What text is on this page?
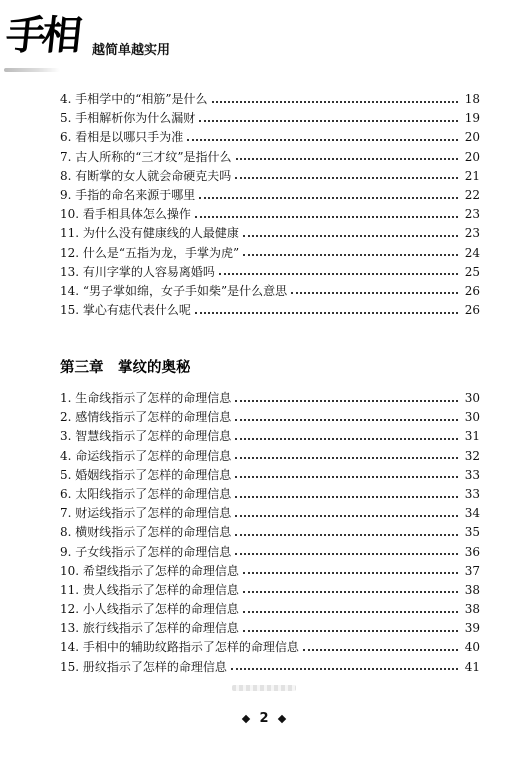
手相 越简单越实用
4. 手相学中的“相筋”是什么	18
5. 手相解析你为什么漏财	19
6. 看相是以哪只手为准	20
7. 古人所称的“三才纹”是指什么	20
8. 有断掌的女人就会命硬克夫吗	21
9. 手指的命名来源于哪里	22
10. 看手相具体怎么操作	23
11. 为什么没有健康线的人最健康	23
12. 什么是“五指为龙，手掌为虎”	24
13. 有川字掌的人容易离婚吗	25
14. “男子掌如绵，女子手如柴”是什么意思	26
15. 掌心有痣代表什么呢	26
第三章　掌纹的奥秘
1. 生命线指示了怎样的命理信息	30
2. 感情线指示了怎样的命理信息	30
3. 智慧线指示了怎样的命理信息	31
4. 命运线指示了怎样的命理信息	32
5. 婚姻线指示了怎样的命理信息	33
6. 太阳线指示了怎样的命理信息	33
7. 财运线指示了怎样的命理信息	34
8. 横财线指示了怎样的命理信息	35
9. 子女线指示了怎样的命理信息	36
10. 希望线指示了怎样的命理信息	37
11. 贵人线指示了怎样的命理信息	38
12. 小人线指示了怎样的命理信息	38
13. 旅行线指示了怎样的命理信息	39
14. 手相中的辅助纹路指示了怎样的命理信息	40
15. 册纹指示了怎样的命理信息	41
2
